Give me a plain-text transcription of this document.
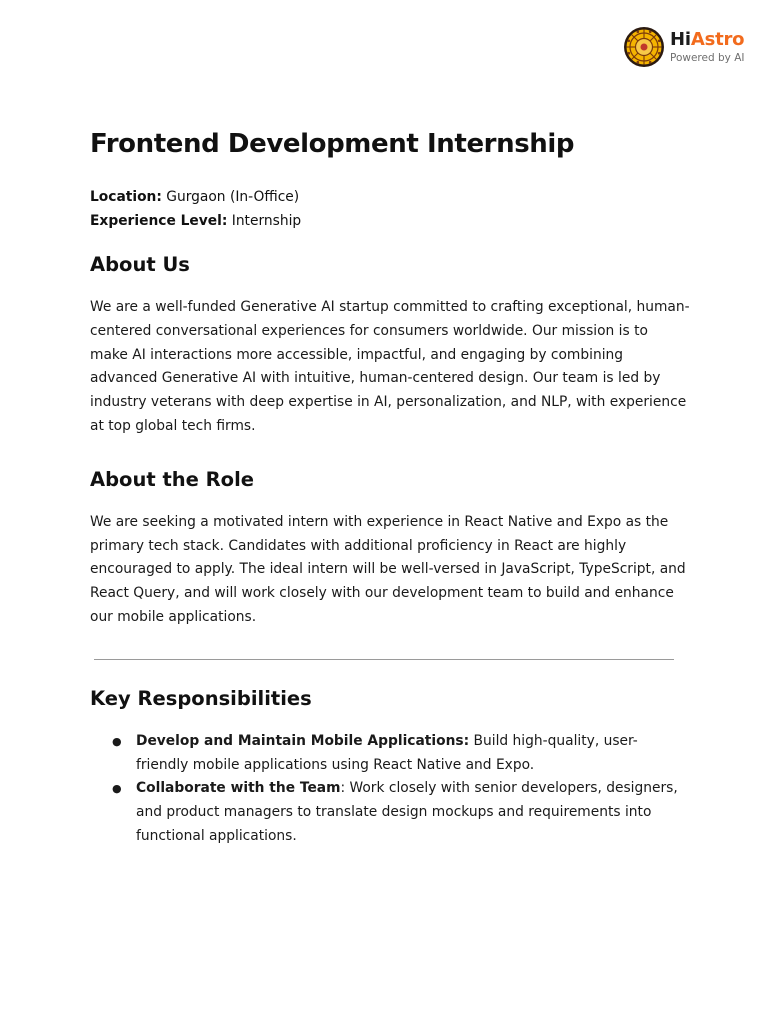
HiAstro
Powered by AI
Frontend Development Internship
Location: Gurgaon (In-Office)
Experience Level: Internship
About Us

We are a well-funded Generative AI startup committed to crafting exceptional, human-centered conversational experiences for consumers worldwide. Our mission is to make AI interactions more accessible, impactful, and engaging by combining advanced Generative AI with intuitive, human-centered design. Our team is led by industry veterans with deep expertise in AI, personalization, and NLP, with experience at top global tech firms.

About the Role

We are seeking a motivated intern with experience in React Native and Expo as the primary tech stack. Candidates with additional proficiency in React are highly encouraged to apply. The ideal intern will be well-versed in JavaScript, TypeScript, and React Query, and will work closely with our development team to build and enhance our mobile applications.

Key Responsibilities
● Develop and Maintain Mobile Applications: Build high-quality, user-friendly mobile applications using React Native and Expo.
● Collaborate with the Team: Work closely with senior developers, designers, and product managers to translate design mockups and requirements into functional applications.
